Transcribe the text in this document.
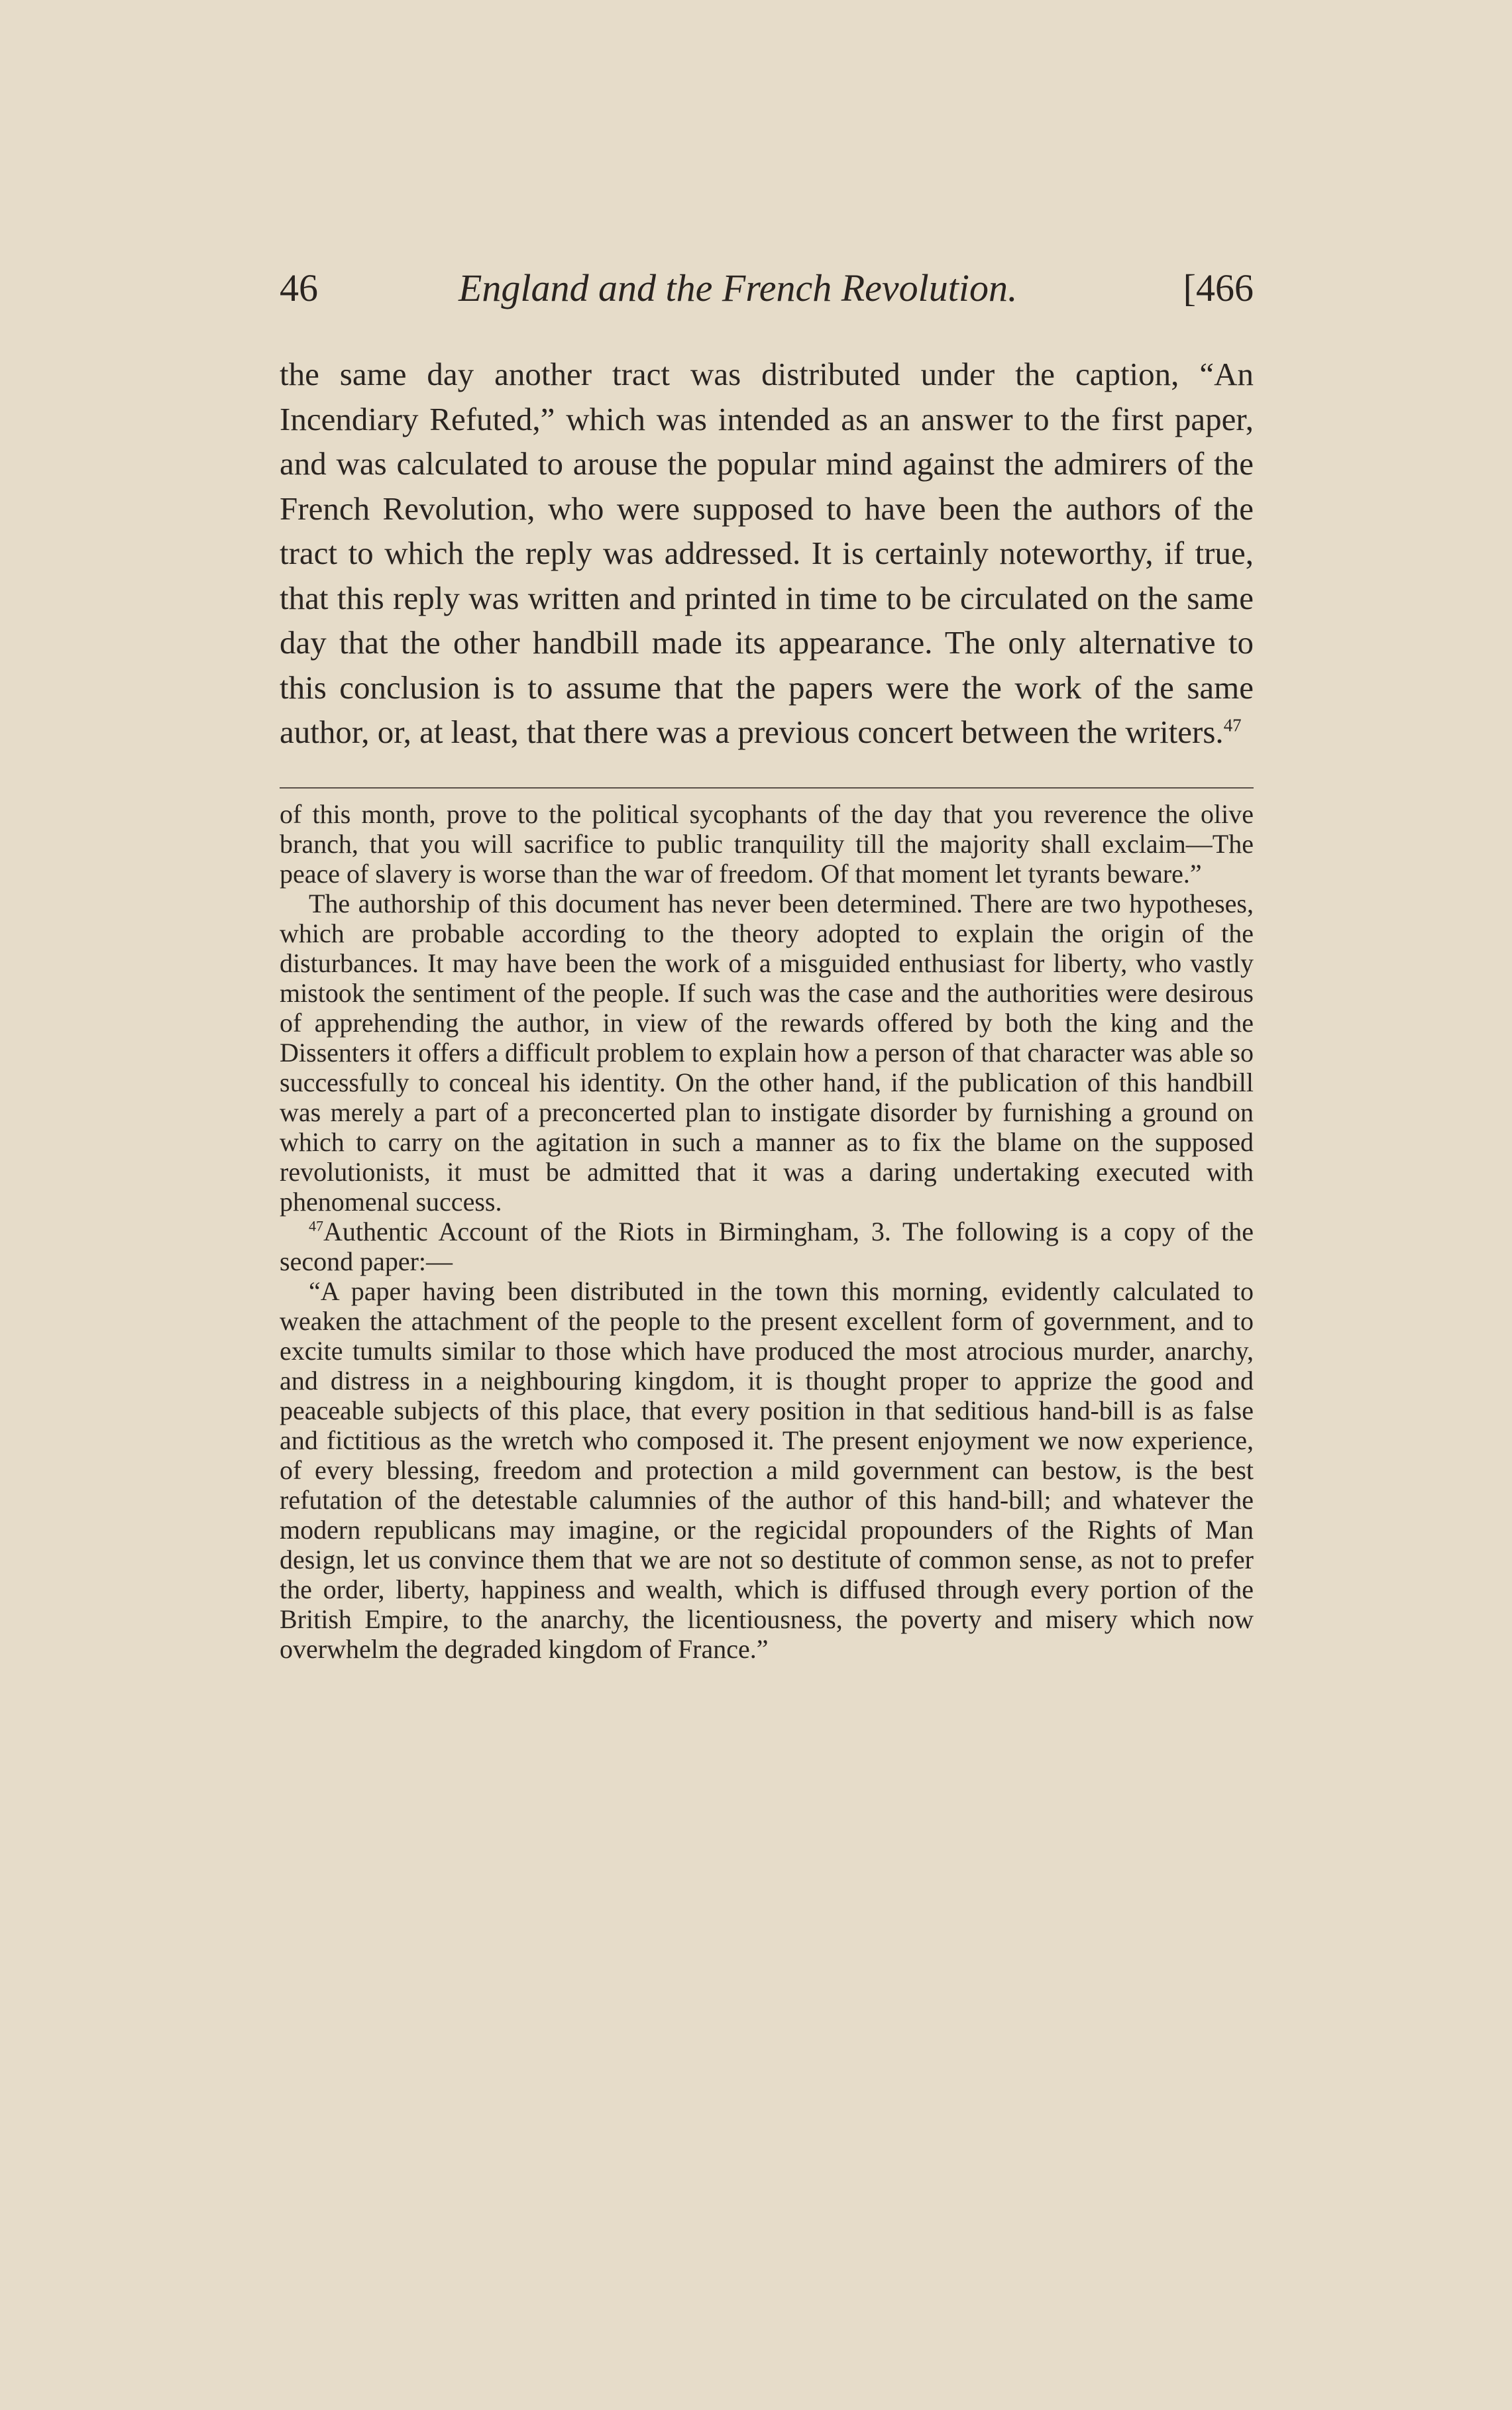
46	England and the French Revolution.	[466

the same day another tract was distributed under the caption, “An Incendiary Refuted,” which was intended as an answer to the first paper, and was calculated to arouse the popular mind against the admirers of the French Revolution, who were supposed to have been the authors of the tract to which the reply was addressed. It is certainly noteworthy, if true, that this reply was written and printed in time to be circulated on the same day that the other handbill made its appearance. The only alternative to this conclusion is to assume that the papers were the work of the same author, or, at least, that there was a previous concert between the writers.$^{47}$

of this month, prove to the political sycophants of the day that you reverence the olive branch, that you will sacrifice to public tranquility till the majority shall exclaim—The peace of slavery is worse than the war of freedom. Of that moment let tyrants beware.”

The authorship of this document has never been determined. There are two hypotheses, which are probable according to the theory adopted to explain the origin of the disturbances. It may have been the work of a misguided enthusiast for liberty, who vastly mistook the sentiment of the people. If such was the case and the authorities were desirous of apprehending the author, in view of the rewards offered by both the king and the Dissenters it offers a difficult problem to explain how a person of that character was able so successfully to conceal his identity. On the other hand, if the publication of this handbill was merely a part of a preconcerted plan to instigate disorder by furnishing a ground on which to carry on the agitation in such a manner as to fix the blame on the supposed revolutionists, it must be admitted that it was a daring undertaking executed with phenomenal success.

$^{47}$Authentic Account of the Riots in Birmingham, 3. The following is a copy of the second paper:—

“A paper having been distributed in the town this morning, evidently calculated to weaken the attachment of the people to the present excellent form of government, and to excite tumults similar to those which have produced the most atrocious murder, anarchy, and distress in a neighbouring kingdom, it is thought proper to apprize the good and peaceable subjects of this place, that every position in that seditious hand-bill is as false and fictitious as the wretch who composed it. The present enjoyment we now experience, of every blessing, freedom and protection a mild government can bestow, is the best refutation of the detestable calumnies of the author of this hand-bill; and whatever the modern republicans may imagine, or the regicidal propounders of the Rights of Man design, let us convince them that we are not so destitute of common sense, as not to prefer the order, liberty, happiness and wealth, which is diffused through every portion of the British Empire, to the anarchy, the licentiousness, the poverty and misery which now overwhelm the degraded kingdom of France.”
